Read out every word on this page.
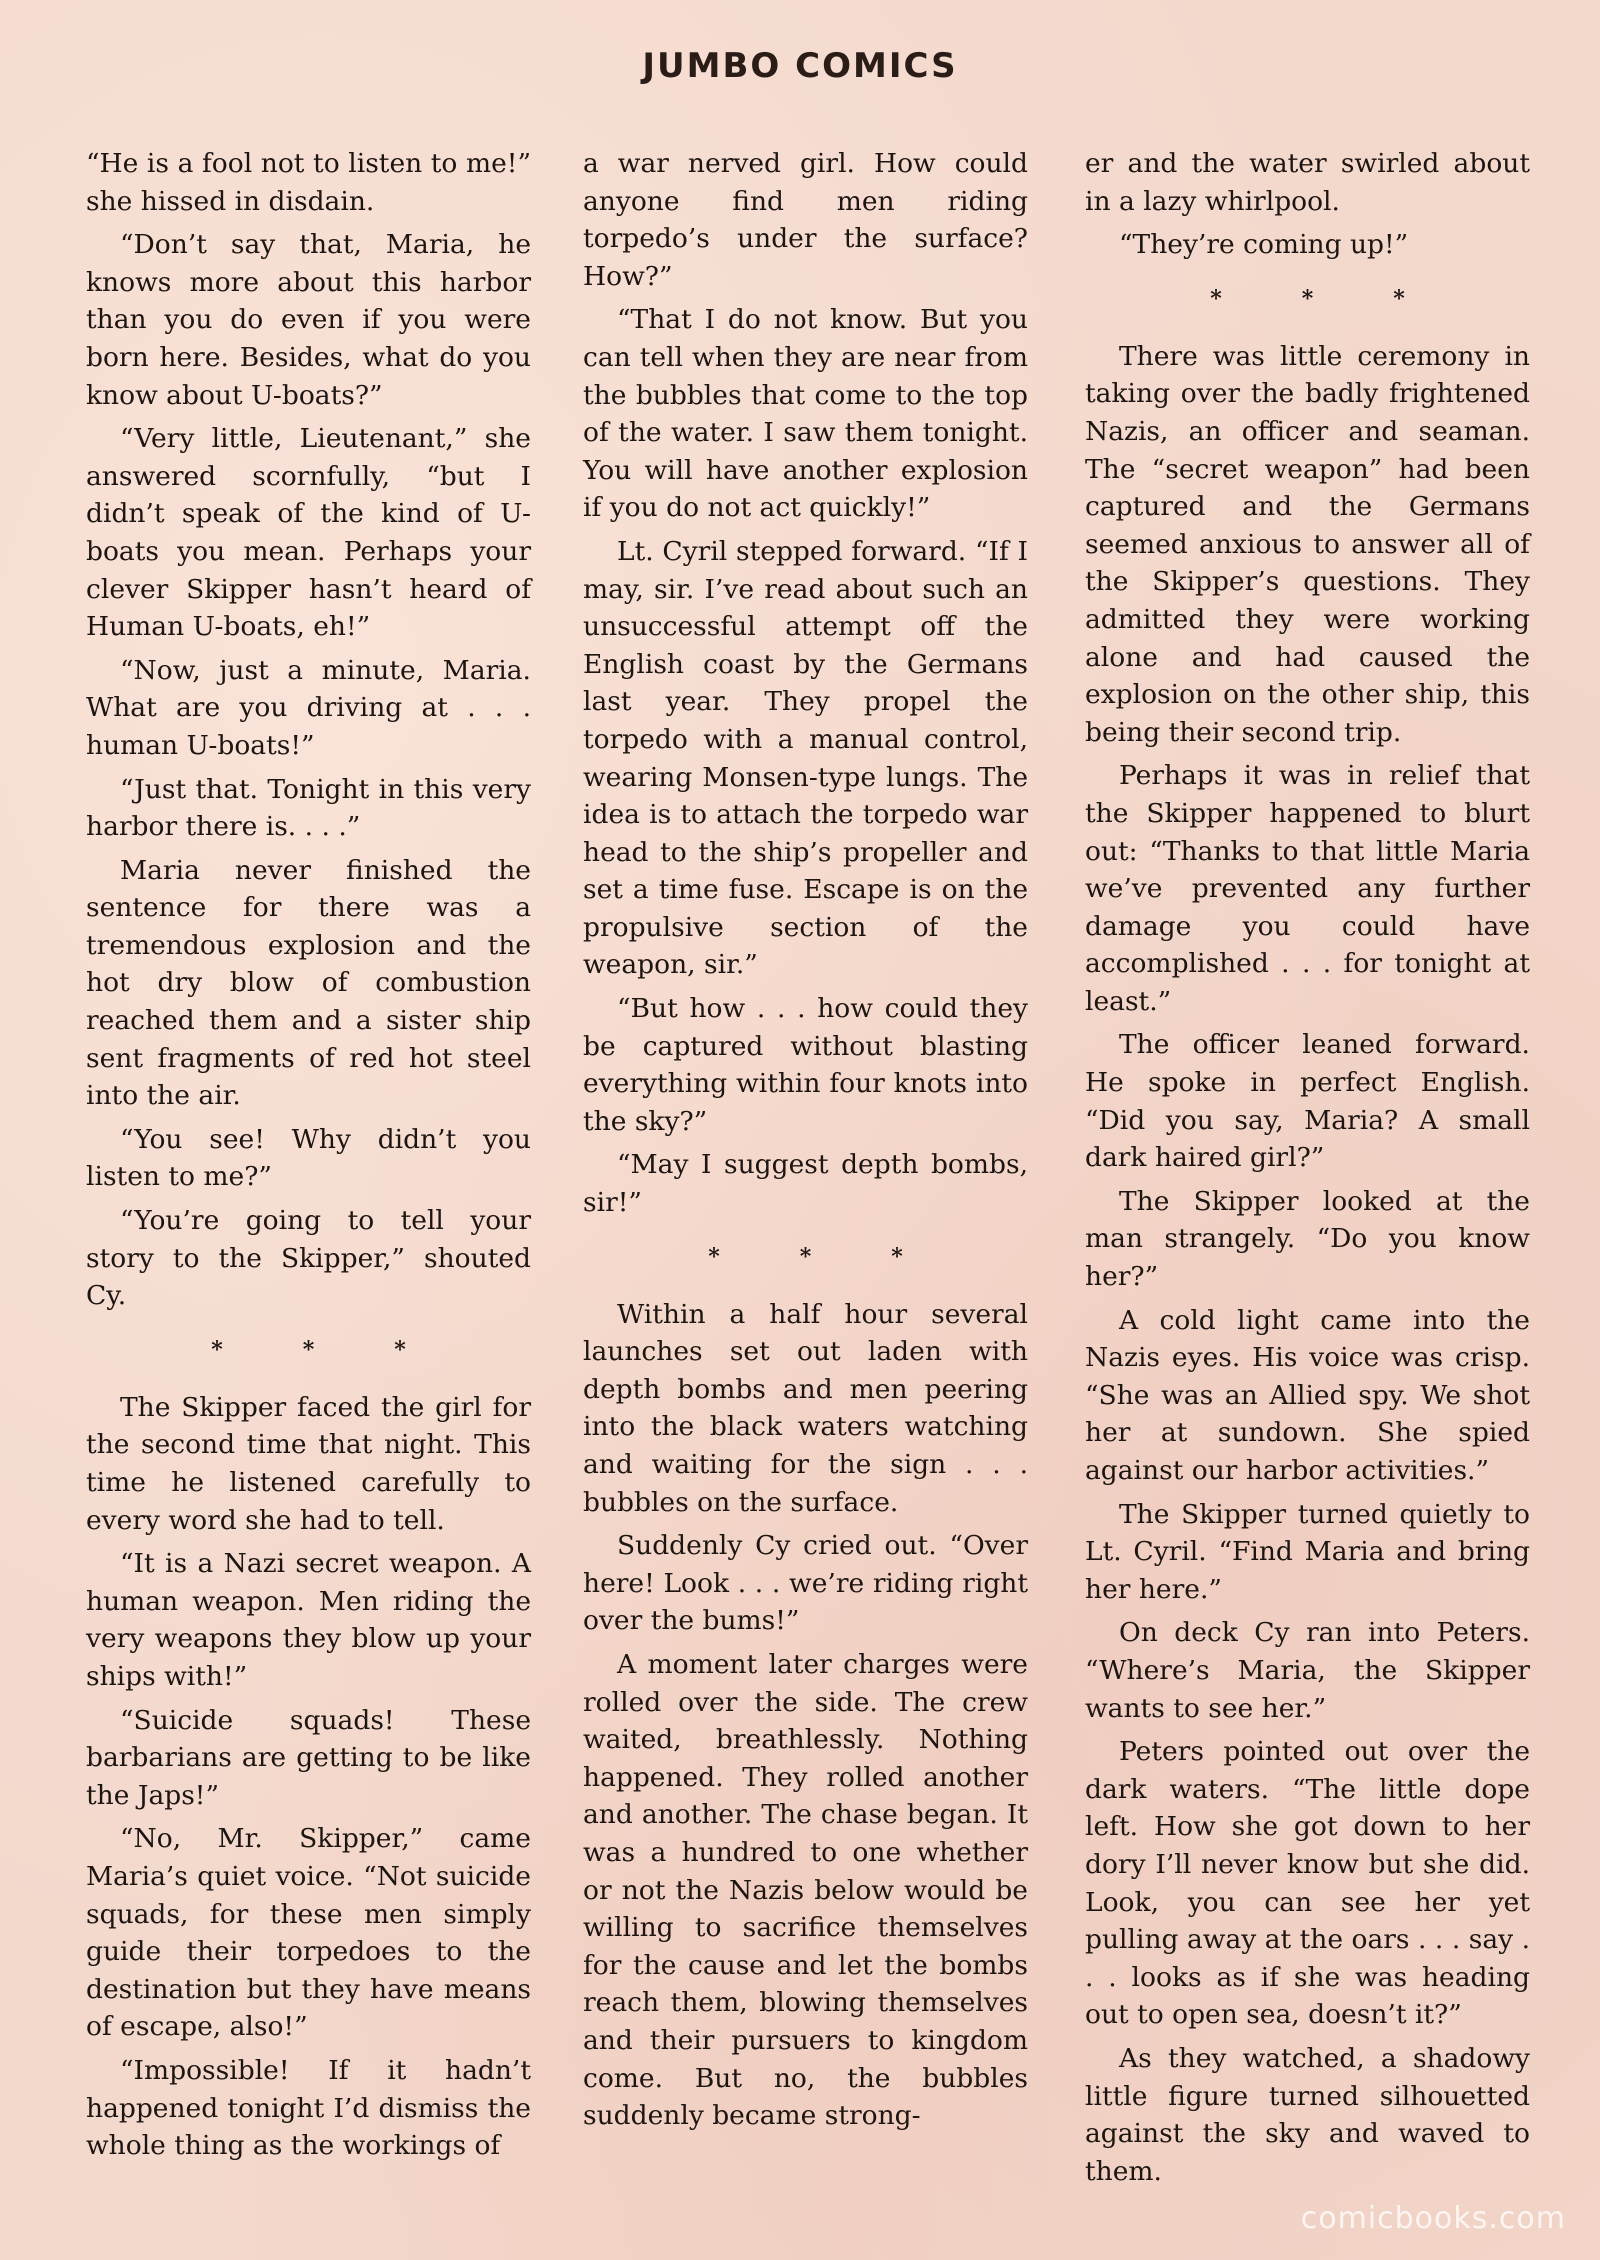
JUMBO COMICS

“He is a fool not to listen to me!” she hissed in disdain.

“Don’t say that, Maria, he knows more about this harbor than you do even if you were born here. Besides, what do you know about U-boats?”

“Very little, Lieutenant,” she answered scornfully, “but I didn’t speak of the kind of U-boats you mean. Perhaps your clever Skipper hasn’t heard of Human U-boats, eh!”

“Now, just a minute, Maria. What are you driving at . . . human U-boats!”

“Just that. Tonight in this very harbor there is. . . .”

Maria never finished the sentence for there was a tremendous explosion and the hot dry blow of combustion reached them and a sister ship sent fragments of red hot steel into the air.

“You see! Why didn’t you listen to me?”

“You’re going to tell your story to the Skipper,” shouted Cy.

*	*	*

The Skipper faced the girl for the second time that night. This time he listened carefully to every word she had to tell.

“It is a Nazi secret weapon. A human weapon. Men riding the very weapons they blow up your ships with!”

“Suicide squads! These barbarians are getting to be like the Japs!”

“No, Mr. Skipper,” came Maria’s quiet voice. “Not suicide squads, for these men simply guide their torpedoes to the destination but they have means of escape, also!”

“Impossible! If it hadn’t happened tonight I’d dismiss the whole thing as the workings of

a war nerved girl. How could anyone find men riding torpedo’s under the surface? How?”

“That I do not know. But you can tell when they are near from the bubbles that come to the top of the water. I saw them tonight. You will have another explosion if you do not act quickly!”

Lt. Cyril stepped forward. “If I may, sir. I’ve read about such an unsuccessful attempt off the English coast by the Germans last year. They propel the torpedo with a manual control, wearing Monsen-type lungs. The idea is to attach the torpedo war head to the ship’s propeller and set a time fuse. Escape is on the propulsive section of the weapon, sir.”

“But how . . . how could they be captured without blasting everything within four knots into the sky?”

“May I suggest depth bombs, sir!”

*	*	*

Within a half hour several launches set out laden with depth bombs and men peering into the black waters watching and waiting for the sign . . . bubbles on the surface.

Suddenly Cy cried out. “Over here! Look . . . we’re riding right over the bums!”

A moment later charges were rolled over the side. The crew waited, breathlessly. Nothing happened. They rolled another and another. The chase began. It was a hundred to one whether or not the Nazis below would be willing to sacrifice themselves for the cause and let the bombs reach them, blowing themselves and their pursuers to kingdom come. But no, the bubbles suddenly became strong-

er and the water swirled about in a lazy whirlpool.

“They’re coming up!”

*	*	*

There was little ceremony in taking over the badly frightened Nazis, an officer and seaman. The “secret weapon” had been captured and the Germans seemed anxious to answer all of the Skipper’s questions. They admitted they were working alone and had caused the explosion on the other ship, this being their second trip.

Perhaps it was in relief that the Skipper happened to blurt out: “Thanks to that little Maria we’ve prevented any further damage you could have accomplished . . . for tonight at least.”

The officer leaned forward. He spoke in perfect English. “Did you say, Maria? A small dark haired girl?”

The Skipper looked at the man strangely. “Do you know her?”

A cold light came into the Nazis eyes. His voice was crisp. “She was an Allied spy. We shot her at sundown. She spied against our harbor activities.”

The Skipper turned quietly to Lt. Cyril. “Find Maria and bring her here.”

On deck Cy ran into Peters. “Where’s Maria, the Skipper wants to see her.”

Peters pointed out over the dark waters. “The little dope left. How she got down to her dory I’ll never know but she did. Look, you can see her yet pulling away at the oars . . . say . . . looks as if she was heading out to open sea, doesn’t it?”

As they watched, a shadowy little figure turned silhouetted against the sky and waved to them.

comicbooks.com
